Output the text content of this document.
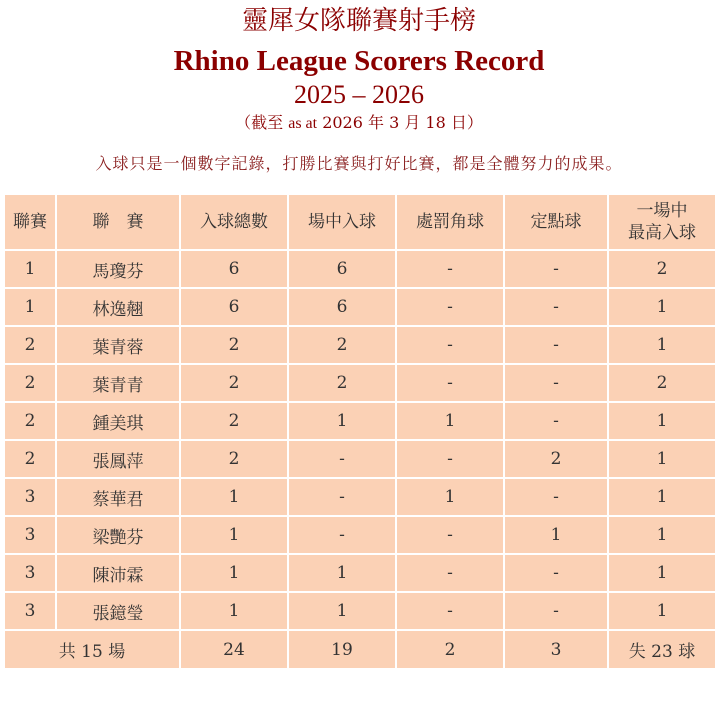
靈犀女隊聯賽射手榜
Rhino League Scorers Record
2025 – 2026
（截至 as at 2026 年 3 月 18 日）
入球只是一個數字記錄，打勝比賽與打好比賽，都是全體努力的成果。
聯賽	聯　賽	入球總數	場中入球	處罰角球	定點球	一場中
最高入球
1	馬瓊芬	6	6	-	-	2
1	林逸翹	6	6	-	-	1
2	葉青蓉	2	2	-	-	1
2	葉青青	2	2	-	-	2
2	鍾美琪	2	1	1	-	1
2	張鳳萍	2	-	-	2	1
3	蔡華君	1	-	1	-	1
3	梁艷芬	1	-	-	1	1
3	陳沛霖	1	1	-	-	1
3	張鐿瑩	1	1	-	-	1
共 15 場		24	19	2	3	失 23 球
